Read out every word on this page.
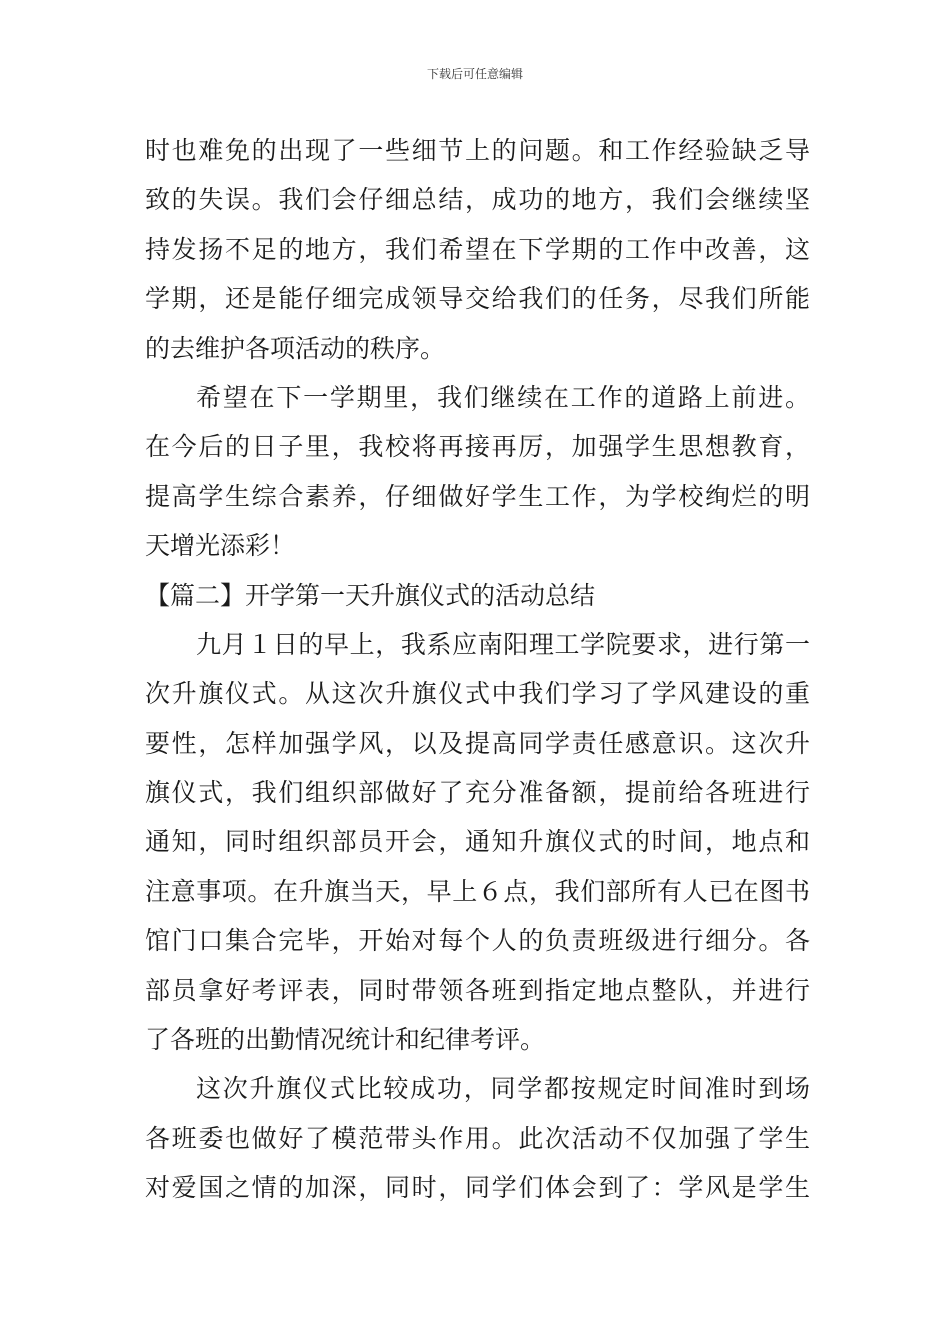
下载后可任意编辑
时也难免的出现了一些细节上的问题。和工作经验缺乏导
致的失误。我们会仔细总结，成功的地方，我们会继续坚
持发扬不足的地方，我们希望在下学期的工作中改善，这
学期，还是能仔细完成领导交给我们的任务，尽我们所能
的去维护各项活动的秩序。
希望在下一学期里，我们继续在工作的道路上前进。
在今后的日子里，我校将再接再厉，加强学生思想教育，
提高学生综合素养，仔细做好学生工作，为学校绚烂的明
天增光添彩！
【篇二】开学第一天升旗仪式的活动总结
九月１日的早上，我系应南阳理工学院要求，进行第一
次升旗仪式。从这次升旗仪式中我们学习了学风建设的重
要性，怎样加强学风，以及提高同学责任感意识。这次升
旗仪式，我们组织部做好了充分准备额，提前给各班进行
通知，同时组织部员开会，通知升旗仪式的时间，地点和
注意事项。在升旗当天，早上６点，我们部所有人已在图书
馆门口集合完毕，开始对每个人的负责班级进行细分。各
部员拿好考评表，同时带领各班到指定地点整队，并进行
了各班的出勤情况统计和纪律考评。
这次升旗仪式比较成功，同学都按规定时间准时到场
各班委也做好了模范带头作用。此次活动不仅加强了学生
对爱国之情的加深，同时，同学们体会到了：学风是学生
